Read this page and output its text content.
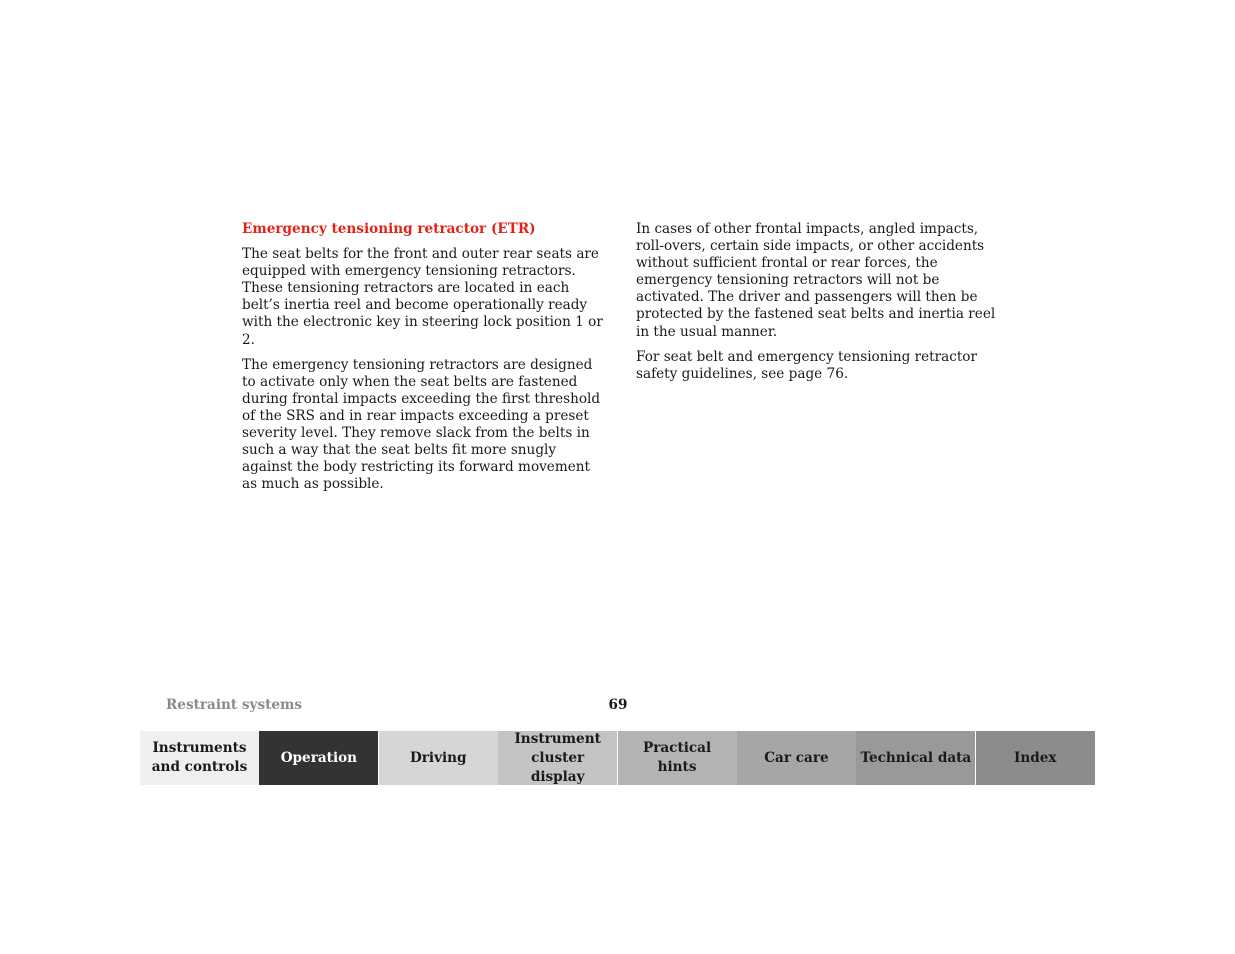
Emergency tensioning retractor (ETR)

The seat belts for the front and outer rear seats are equipped with emergency tensioning retractors. These tensioning retractors are located in each belt’s inertia reel and become operationally ready with the electronic key in steering lock position 1 or 2.

The emergency tensioning retractors are designed to activate only when the seat belts are fastened during frontal impacts exceeding the first threshold of the SRS and in rear impacts exceeding a preset severity level. They remove slack from the belts in such a way that the seat belts fit more snugly against the body restricting its forward movement as much as possible.

In cases of other frontal impacts, angled impacts, roll-overs, certain side impacts, or other accidents without sufficient frontal or rear forces, the emergency tensioning retractors will not be activated. The driver and passengers will then be protected by the fastened seat belts and inertia reel in the usual manner.

For seat belt and emergency tensioning retractor safety guidelines, see page 76.

Restraint systems	69
Instruments and controls
Operation	Driving
Instrument cluster display
Practical hints
Car care Technical data	Index
